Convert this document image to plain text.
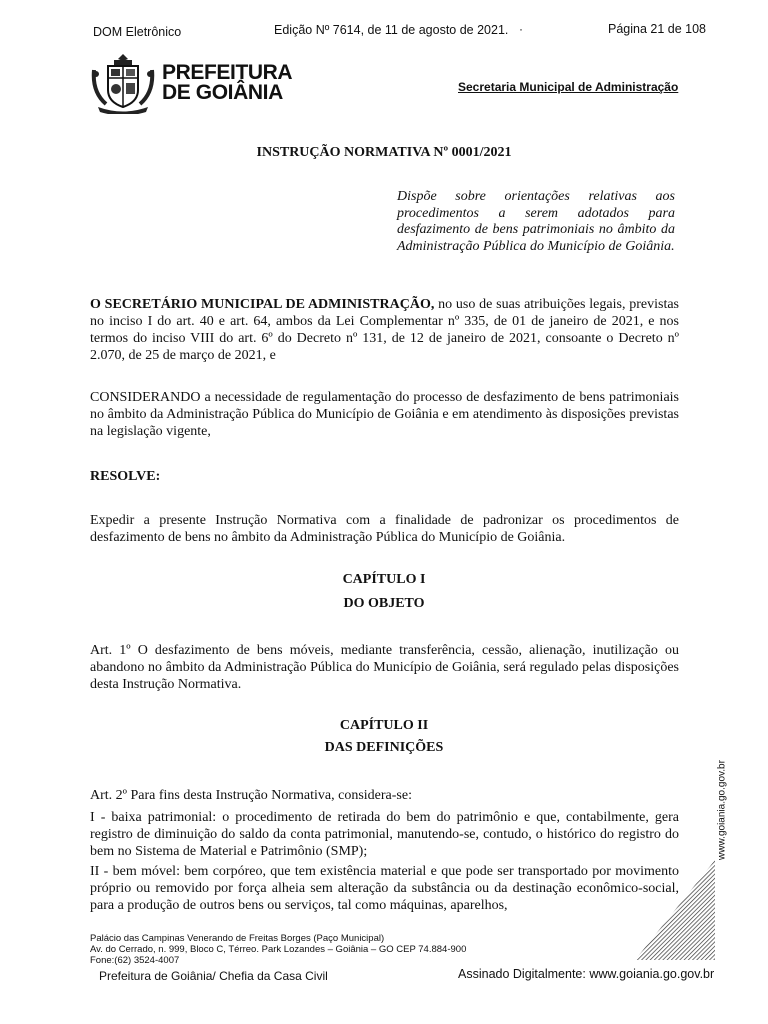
DOM Eletrônico	Edição Nº 7614, de 11 de agosto de 2021. ·	Página 21 de 108
PREFEITURA
DE GOIÂNIA	Secretaria Municipal de Administração
INSTRUÇÃO NORMATIVA Nº 0001/2021
Dispõe sobre orientações relativas aos procedimentos a serem adotados para desfazimento de bens patrimoniais no âmbito da Administração Pública do Município de Goiânia.
O SECRETÁRIO MUNICIPAL DE ADMINISTRAÇÃO, no uso de suas atribuições legais, previstas no inciso I do art. 40 e art. 64, ambos da Lei Complementar nº 335, de 01 de janeiro de 2021, e nos termos do inciso VIII do art. 6º do Decreto nº 131, de 12 de janeiro de 2021, consoante o Decreto nº 2.070, de 25 de março de 2021, e
CONSIDERANDO a necessidade de regulamentação do processo de desfazimento de bens patrimoniais no âmbito da Administração Pública do Município de Goiânia e em atendimento às disposições previstas na legislação vigente,
RESOLVE:
Expedir a presente Instrução Normativa com a finalidade de padronizar os procedimentos de desfazimento de bens no âmbito da Administração Pública do Município de Goiânia.
CAPÍTULO I
DO OBJETO
Art. 1º O desfazimento de bens móveis, mediante transferência, cessão, alienação, inutilização ou abandono no âmbito da Administração Pública do Município de Goiânia, será regulado pelas disposições desta Instrução Normativa.
CAPÍTULO II
DAS DEFINIÇÕES
Art. 2º Para fins desta Instrução Normativa, considera-se:
I - baixa patrimonial: o procedimento de retirada do bem do patrimônio e que, contabilmente, gera registro de diminuição do saldo da conta patrimonial, manutendo-se, contudo, o histórico do registro do bem no Sistema de Material e Patrimônio (SMP);
II - bem móvel: bem corpóreo, que tem existência material e que pode ser transportado por movimento próprio ou removido por força alheia sem alteração da substância ou da destinação econômico-social, para a produção de outros bens ou serviços, tal como máquinas, aparelhos,
www.goiania.go.gov.br
Palácio das Campinas Venerando de Freitas Borges (Paço Municipal)
Av. do Cerrado, n. 999, Bloco C, Térreo. Park Lozandes – Goiânia – GO CEP 74.884-900
Fone:(62) 3524-4007
Prefeitura de Goiânia/ Chefia da Casa Civil	Assinado Digitalmente: www.goiania.go.gov.br
